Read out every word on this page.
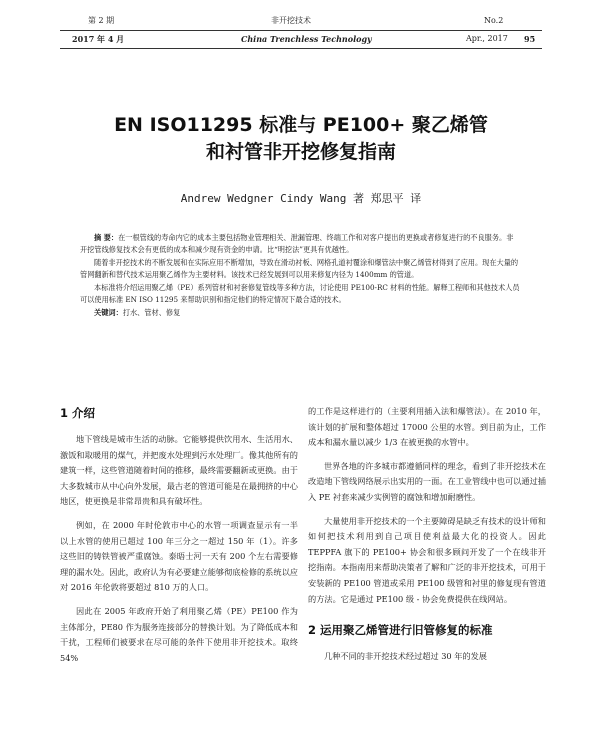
第 2 期	非开挖技术	No.2
2017 年 4 月	China Trenchless Technology	Apr., 2017 95
EN ISO11295 标准与 PE100+ 聚乙烯管
和衬管非开挖修复指南
Andrew Wedgner Cindy Wang 著 郑思平 译

摘 要：在一根管线的寿命内它的成本主要包括物业管理相关、泄漏管理、终端工作和对客户提出的更换或者修复进行的不良服务。非开挖管线修复技术会有更低的成本和减少现有资金的申请。比“明挖法”更具有优越性。

随着非开挖技术的不断发展和在实际应用不断增加，导致在滑动衬板、网格孔道衬覆涂和爆管法中聚乙烯管材得到了应用。现在大量的管网翻新和替代技术运用聚乙烯作为主要材料。该技术已经发展到可以用来修复内径为 1400mm 的管道。

本标准将介绍运用聚乙烯（PE）系列管材和衬套修复管线等多种方法，讨论使用 PE100-RC 材料的性能。解释工程师和其他技术人员可以使用标准 EN ISO 11295 来帮助识别和指定他们的特定情况下最合适的技术。

关键词：打水、管材、修复

1 介绍

地下管线是城市生活的动脉。它能够提供饮用水、生活用水、激饭和取暖用的煤气，并把废水处理到污水处理厂。像其他所有的建筑一样，这些管道随着时间的推移，最终需要翻新或更换。由于大多数城市从中心向外发展，最古老的管道可能是在最拥挤的中心地区，使更换是非常昂贵和具有破坏性。

例如，在 2000 年时伦敦市中心的水管一项调查显示有一半以上水管的使用已超过 100 年三分之一超过 150 年（1）。许多这些旧的铸铁管被严重腐蚀。泰晤士河一天有 200 个左右需要修理的漏水处。因此，政府认为有必要建立能够彻底检修的系统以应对 2016 年伦敦将要超过 810 万的人口。

因此在 2005 年政府开始了利用聚乙烯（PE）PE100 作为主体部分，PE80 作为服务连接部分的替换计划。为了降低成本和干扰，工程师们被要求在尽可能的条件下使用非开挖技术。取终 54%

的工作是这样进行的（主要利用插入法和爆管法）。在 2010 年，该计划的扩展和整体超过 17000 公里的水管。到目前为止，工作成本和漏水量以减少 1/3 在被更换的水管中。

世界各地的许多城市都遵循同样的理念，看到了非开挖技术在改造地下管线网络展示出实用的一面。在工业管线中也可以通过插入 PE 衬套来减少实例管的腐蚀和增加耐磨性。

大量使用非开挖技术的一个主要障碍是缺乏有技术的设计师和如何把技术利用到自己项目使利益最大化的投资人。因此 TEPPFA 旗下的 PE100+ 协会和很多顾问开发了一个在线非开挖指南。本指南用来帮助决策者了解和广泛的非开挖技术，可用于安装新的 PE100 管道或采用 PE100 级管和衬里的修复现有管道的方法。它是通过 PE100 级 - 协会免费提供在线网站。

2 运用聚乙烯管进行旧管修复的标准

几种不同的非开挖技术经过超过 30 年的发展
